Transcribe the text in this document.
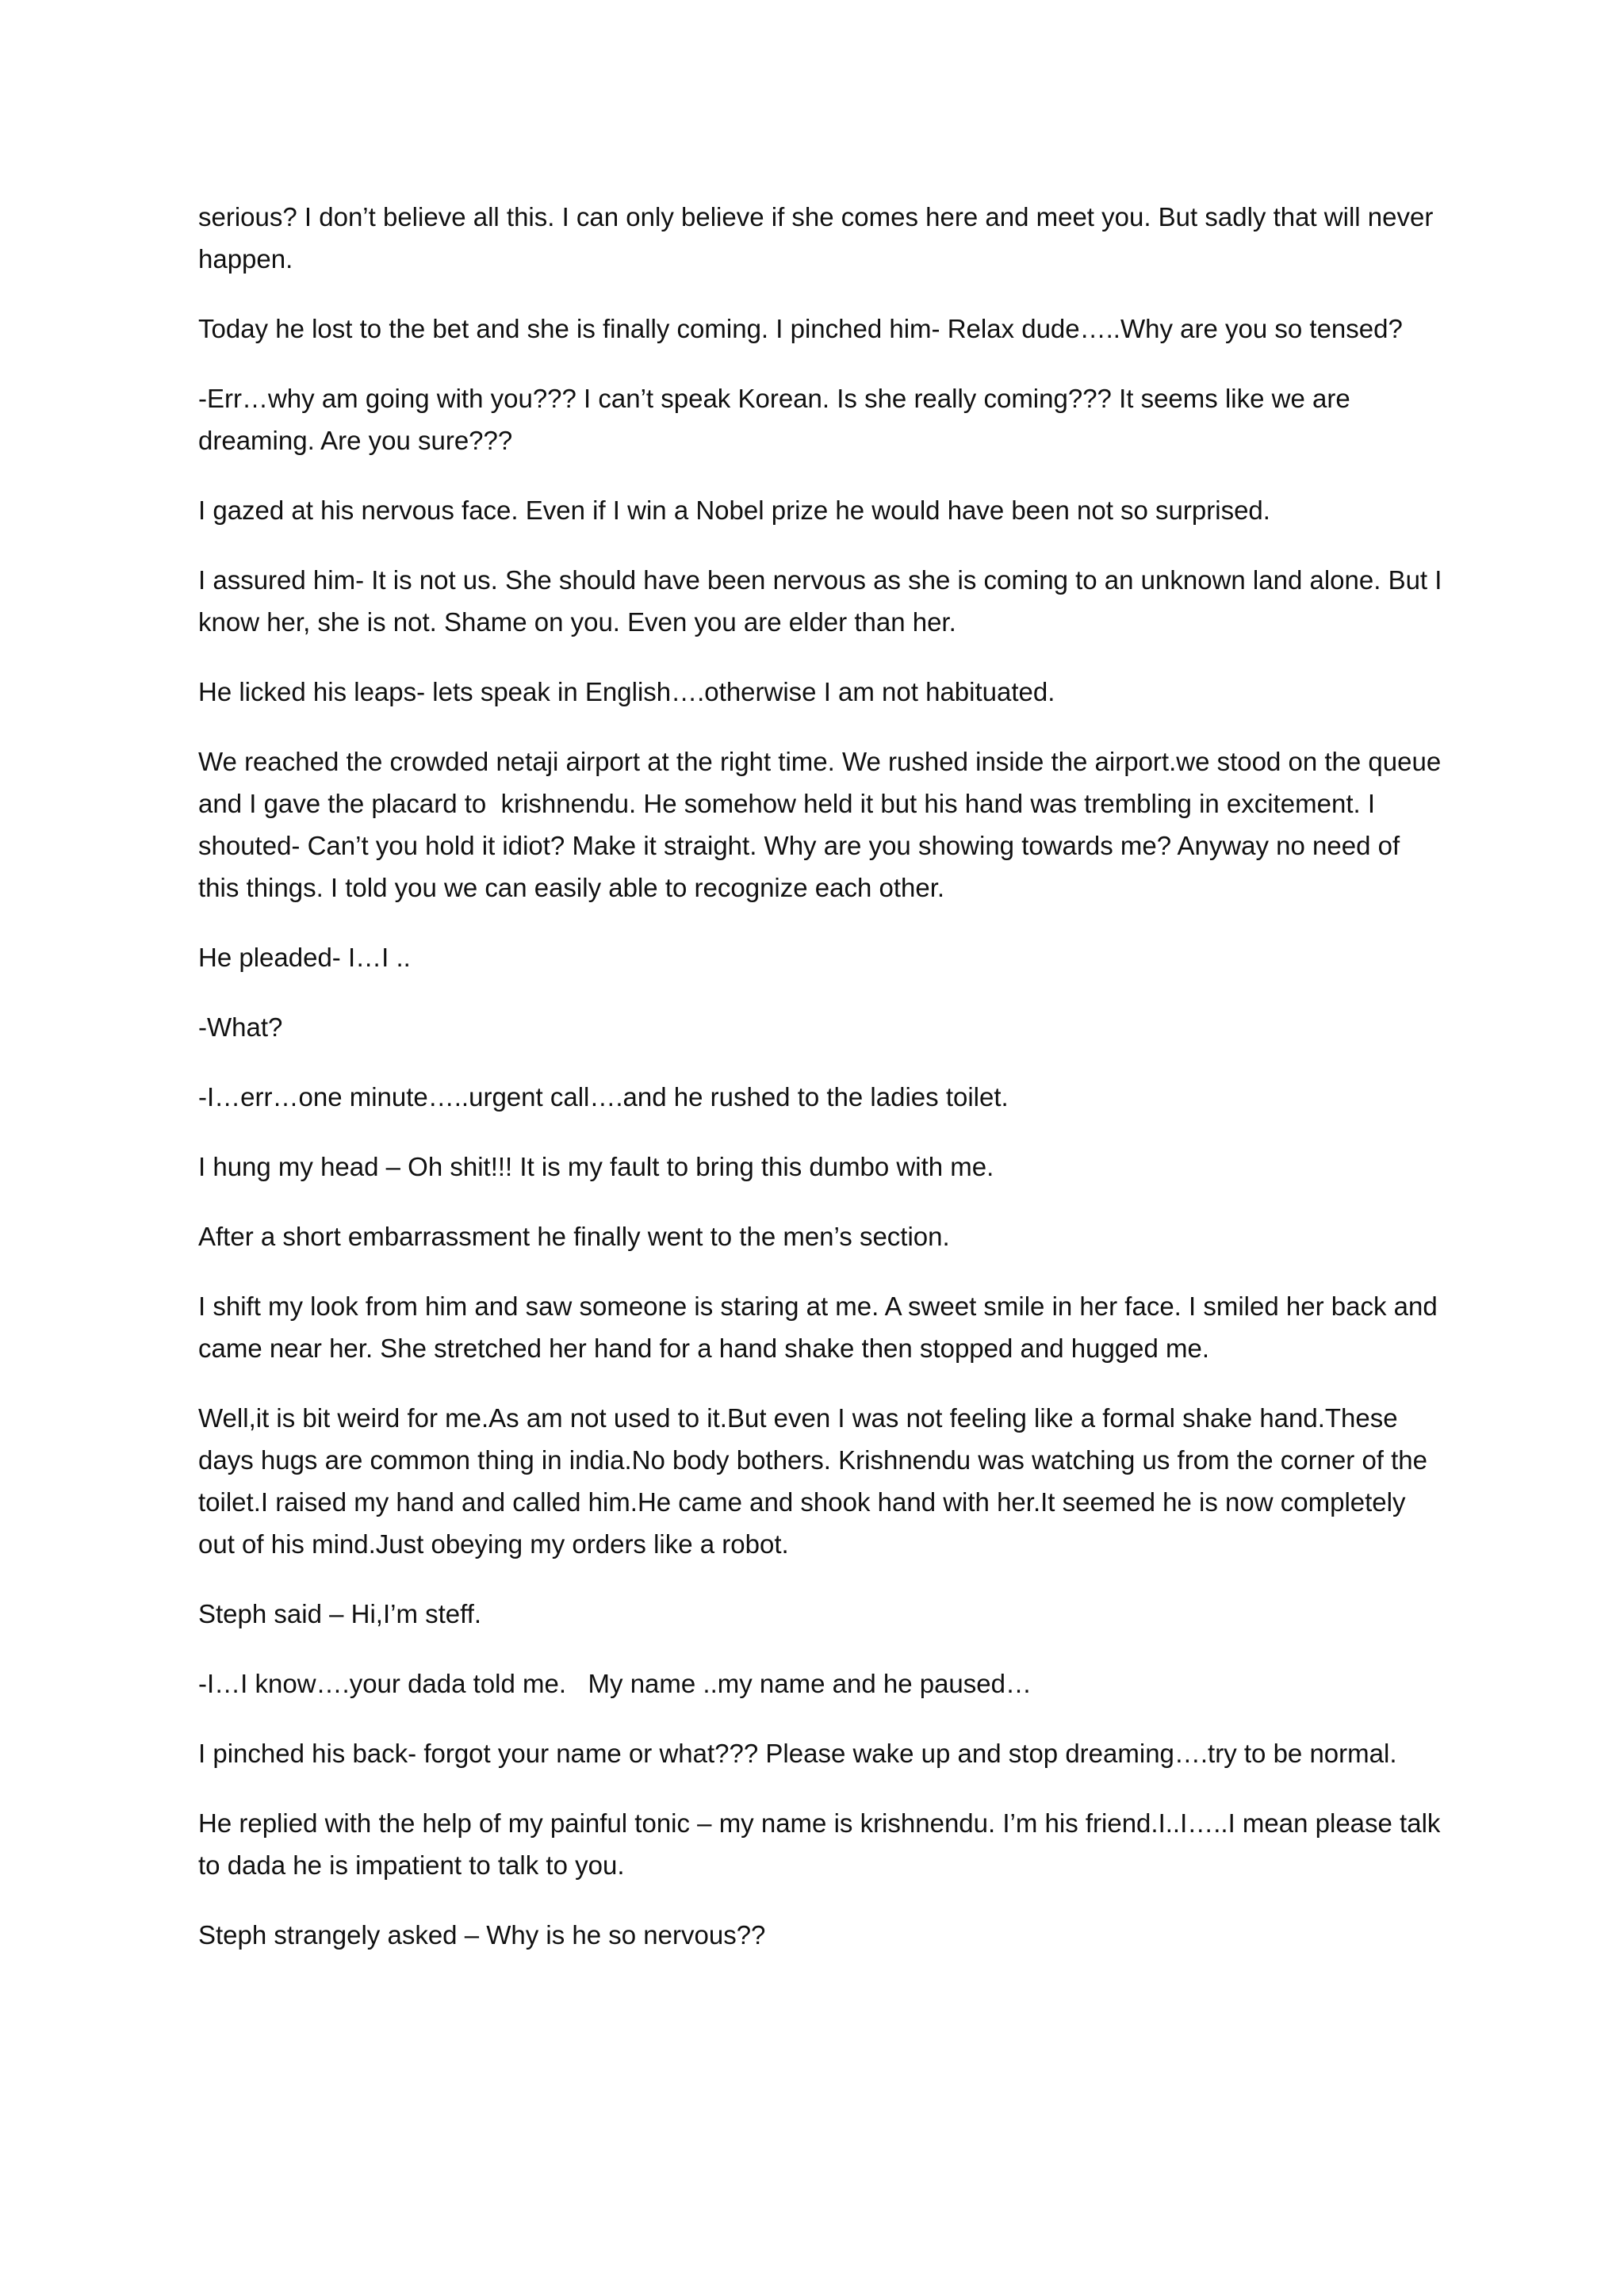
serious? I don’t believe all this. I can only believe if she comes here and meet you. But sadly that will never happen.

Today he lost to the bet and she is finally coming. I pinched him- Relax dude…..Why are you so tensed?

-Err…why am going with you??? I can’t speak Korean. Is she really coming??? It seems like we are dreaming. Are you sure???

I gazed at his nervous face. Even if I win a Nobel prize he would have been not so surprised.

I assured him- It is not us. She should have been nervous as she is coming to an unknown land alone. But I know her, she is not. Shame on you. Even you are elder than her.

He licked his leaps- lets speak in English….otherwise I am not habituated.

We reached the crowded netaji airport at the right time. We rushed inside the airport.we stood on the queue and I gave the placard to  krishnendu. He somehow held it but his hand was trembling in excitement. I shouted- Can’t you hold it idiot? Make it straight. Why are you showing towards me? Anyway no need of this things. I told you we can easily able to recognize each other.

He pleaded- I…I ..

-What?

-I…err…one minute…..urgent call….and he rushed to the ladies toilet.

I hung my head – Oh shit!!! It is my fault to bring this dumbo with me.

After a short embarrassment he finally went to the men’s section.

I shift my look from him and saw someone is staring at me. A sweet smile in her face. I smiled her back and came near her. She stretched her hand for a hand shake then stopped and hugged me.

Well,it is bit weird for me.As am not used to it.But even I was not feeling like a formal shake hand.These days hugs are common thing in india.No body bothers. Krishnendu was watching us from the corner of the toilet.I raised my hand and called him.He came and shook hand with her.It seemed he is now completely out of his mind.Just obeying my orders like a robot.

Steph said – Hi,I’m steff.

-I…I know….your dada told me.   My name ..my name and he paused…

I pinched his back- forgot your name or what??? Please wake up and stop dreaming….try to be normal.

He replied with the help of my painful tonic – my name is krishnendu. I’m his friend.I..I…..I mean please talk to dada he is impatient to talk to you.

Steph strangely asked – Why is he so nervous??
